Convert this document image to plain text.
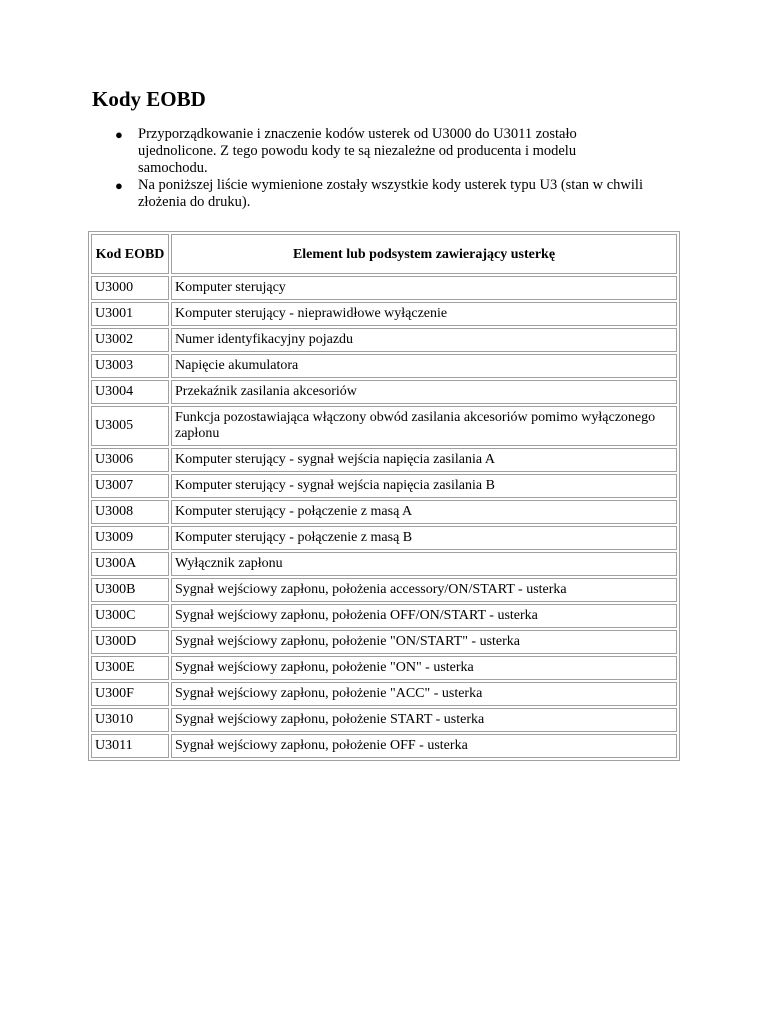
Kody EOBD
● Przyporządkowanie i znaczenie kodów usterek od U3000 do U3011 zostało ujednolicone. Z tego powodu kody te są niezależne od producenta i modelu samochodu.
● Na poniższej liście wymienione zostały wszystkie kody usterek typu U3 (stan w chwili złożenia do druku).
Kod EOBD	Element lub podsystem zawierający usterkę
U3000	Komputer sterujący
U3001	Komputer sterujący - nieprawidłowe wyłączenie
U3002	Numer identyfikacyjny pojazdu
U3003	Napięcie akumulatora
U3004	Przekaźnik zasilania akcesoriów
U3005	Funkcja pozostawiająca włączony obwód zasilania akcesoriów pomimo wyłączonego zapłonu
U3006	Komputer sterujący - sygnał wejścia napięcia zasilania A
U3007	Komputer sterujący - sygnał wejścia napięcia zasilania B
U3008	Komputer sterujący - połączenie z masą A
U3009	Komputer sterujący - połączenie z masą B
U300A	Wyłącznik zapłonu
U300B	Sygnał wejściowy zapłonu, położenia accessory/ON/START - usterka
U300C	Sygnał wejściowy zapłonu, położenia OFF/ON/START - usterka
U300D	Sygnał wejściowy zapłonu, położenie "ON/START" - usterka
U300E	Sygnał wejściowy zapłonu, położenie "ON" - usterka
U300F	Sygnał wejściowy zapłonu, położenie "ACC" - usterka
U3010	Sygnał wejściowy zapłonu, położenie START - usterka
U3011	Sygnał wejściowy zapłonu, położenie OFF - usterka
